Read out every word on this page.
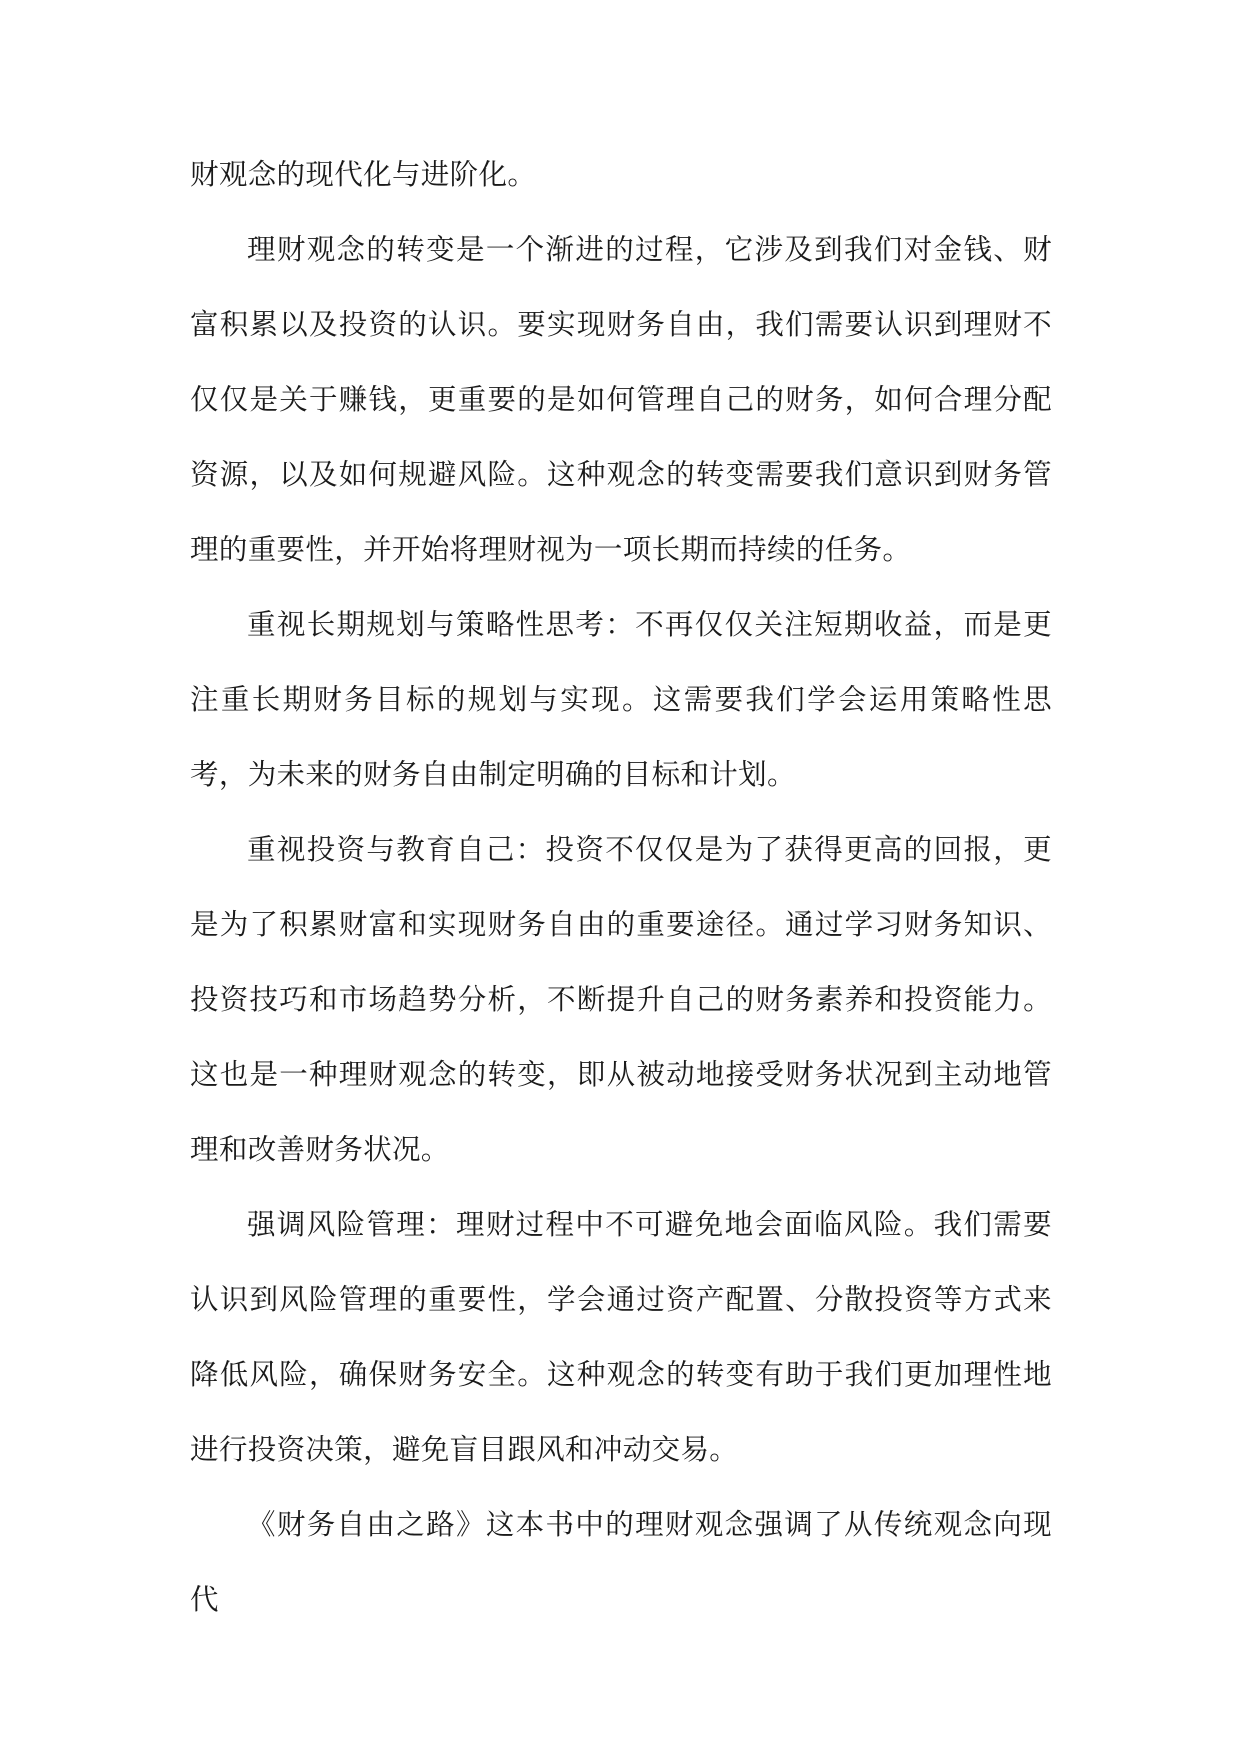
财观念的现代化与进阶化。

理财观念的转变是一个渐进的过程，它涉及到我们对金钱、财富积累以及投资的认识。要实现财务自由，我们需要认识到理财不仅仅是关于赚钱，更重要的是如何管理自己的财务，如何合理分配资源，以及如何规避风险。这种观念的转变需要我们意识到财务管理的重要性，并开始将理财视为一项长期而持续的任务。

重视长期规划与策略性思考：不再仅仅关注短期收益，而是更注重长期财务目标的规划与实现。这需要我们学会运用策略性思考，为未来的财务自由制定明确的目标和计划。

重视投资与教育自己：投资不仅仅是为了获得更高的回报，更是为了积累财富和实现财务自由的重要途径。通过学习财务知识、投资技巧和市场趋势分析，不断提升自己的财务素养和投资能力。这也是一种理财观念的转变，即从被动地接受财务状况到主动地管理和改善财务状况。

强调风险管理：理财过程中不可避免地会面临风险。我们需要认识到风险管理的重要性，学会通过资产配置、分散投资等方式来降低风险，确保财务安全。这种观念的转变有助于我们更加理性地进行投资决策，避免盲目跟风和冲动交易。

《财务自由之路》这本书中的理财观念强调了从传统观念向现代
